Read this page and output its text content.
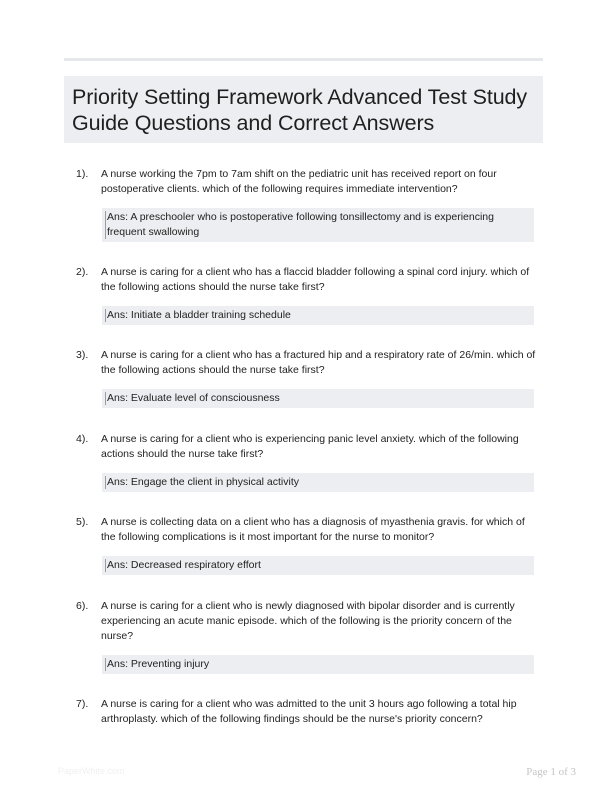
Priority Setting Framework Advanced Test Study Guide Questions and Correct Answers
1). A nurse working the 7pm to 7am shift on the pediatric unit has received report on four postoperative clients. which of the following requires immediate intervention?
Ans: A preschooler who is postoperative following tonsillectomy and is experiencing frequent swallowing
2). A nurse is caring for a client who has a flaccid bladder following a spinal cord injury. which of the following actions should the nurse take first?
Ans: Initiate a bladder training schedule
3). A nurse is caring for a client who has a fractured hip and a respiratory rate of 26/min. which of the following actions should the nurse take first?
Ans: Evaluate level of consciousness
4). A nurse is caring for a client who is experiencing panic level anxiety. which of the following actions should the nurse take first?
Ans: Engage the client in physical activity
5). A nurse is collecting data on a client who has a diagnosis of myasthenia gravis. for which of the following complications is it most important for the nurse to monitor?
Ans: Decreased respiratory effort
6). A nurse is caring for a client who is newly diagnosed with bipolar disorder and is currently experiencing an acute manic episode. which of the following is the priority concern of the nurse?
Ans: Preventing injury
7). A nurse is caring for a client who was admitted to the unit 3 hours ago following a total hip arthroplasty. which of the following findings should be the nurse's priority concern?
PaperWhite.com	Page 1 of 3
